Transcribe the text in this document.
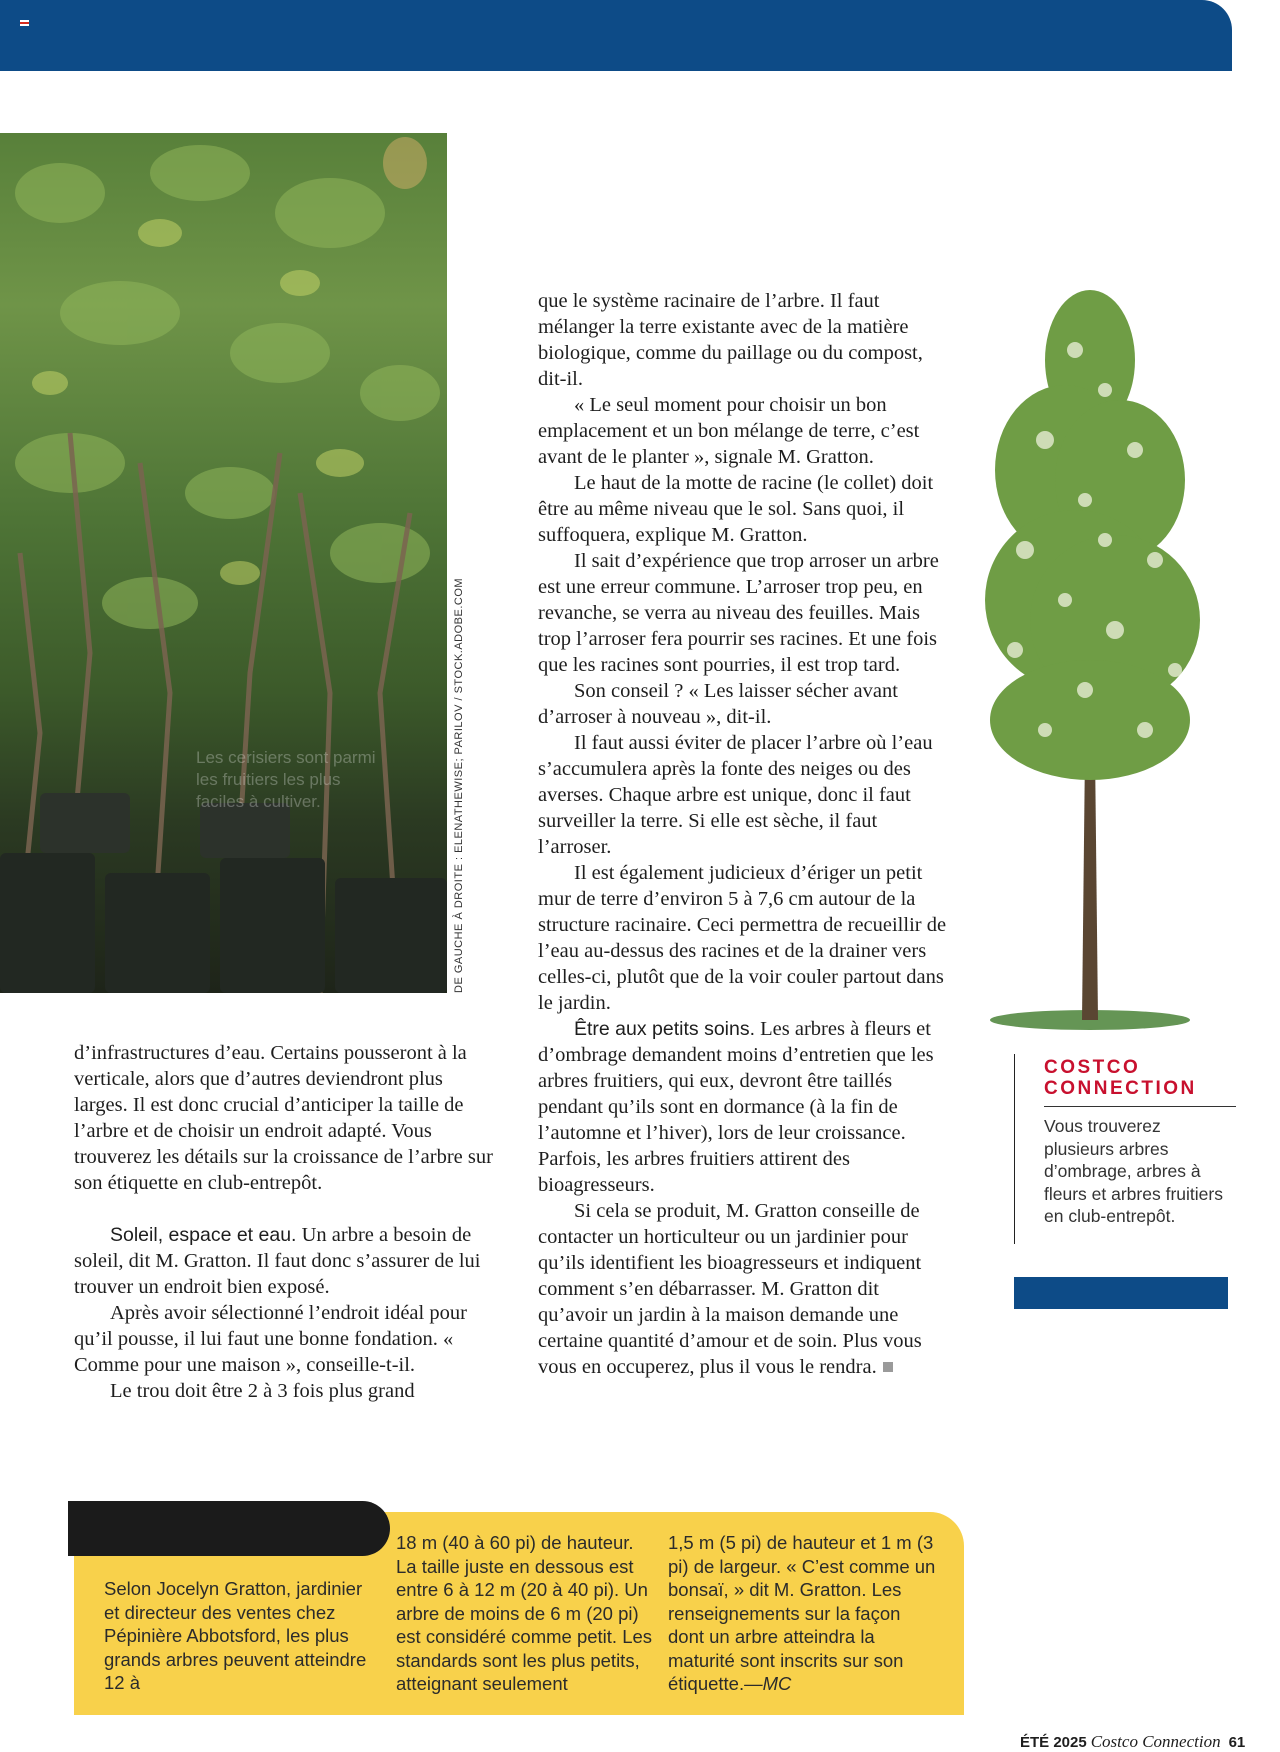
Les cerisiers sont parmi les fruitiers les plus faciles à cultiver.	DE GAUCHE À DROITE : ELENATHEWISE; PARILOV / STOCK.ADOBE.COM

d’infrastructures d’eau. Certains pousseront à la verticale, alors que d’autres deviendront plus larges. Il est donc crucial d’anticiper la taille de l’arbre et de choisir un endroit adapté. Vous trouverez les détails sur la croissance de l’arbre sur son étiquette en club-entrepôt.

Soleil, espace et eau. Un arbre a besoin de soleil, dit M. Gratton. Il faut donc s’assurer de lui trouver un endroit bien exposé.

Après avoir sélectionné l’endroit idéal pour qu’il pousse, il lui faut une bonne fondation. « Comme pour une maison », conseille-t-il.

Le trou doit être 2 à 3 fois plus grand

que le système racinaire de l’arbre. Il faut mélanger la terre existante avec de la matière biologique, comme du paillage ou du compost, dit-il.

« Le seul moment pour choisir un bon emplacement et un bon mélange de terre, c’est avant de le planter », signale M. Gratton.

Le haut de la motte de racine (le collet) doit être au même niveau que le sol. Sans quoi, il suffoquera, explique M. Gratton.

Il sait d’expérience que trop arroser un arbre est une erreur commune. L’arroser trop peu, en revanche, se verra au niveau des feuilles. Mais trop l’arroser fera pourrir ses racines. Et une fois que les racines sont pourries, il est trop tard.

Son conseil ? « Les laisser sécher avant d’arroser à nouveau », dit-il.

Il faut aussi éviter de placer l’arbre où l’eau s’accumulera après la fonte des neiges ou des averses. Chaque arbre est unique, donc il faut surveiller la terre. Si elle est sèche, il faut l’arroser.

Il est également judicieux d’ériger un petit mur de terre d’environ 5 à 7,6 cm autour de la structure racinaire. Ceci permettra de recueillir de l’eau au-dessus des racines et de la drainer vers celles-ci, plutôt que de la voir couler partout dans le jardin.

Être aux petits soins. Les arbres à fleurs et d’ombrage demandent moins d’entretien que les arbres fruitiers, qui eux, devront être taillés pendant qu’ils sont en dormance (à la fin de l’automne et l’hiver), lors de leur croissance. Parfois, les arbres fruitiers attirent des bioagresseurs.

Si cela se produit, M. Gratton conseille de contacter un horticulteur ou un jardinier pour qu’ils identifient les bioagresseurs et indiquent comment s’en débarrasser. M. Gratton dit qu’avoir un jardin à la maison demande une certaine quantité d’amour et de soin. Plus vous vous en occuperez, plus il vous le rendra.

COSTCO
CONNECTION
Vous trouverez plusieurs arbres d’ombrage, arbres à fleurs et arbres fruitiers en club-entrepôt.
Selon Jocelyn Gratton, jardinier et directeur des ventes chez Pépinière Abbotsford, les plus grands arbres peuvent atteindre 12 à
18 m (40 à 60 pi) de hauteur. La taille juste en dessous est entre 6 à 12 m (20 à 40 pi). Un arbre de moins de 6 m (20 pi) est considéré comme petit. Les standards sont les plus petits, atteignant seulement
1,5 m (5 pi) de hauteur et 1 m (3 pi) de largeur. « C’est comme un bonsaï, » dit M. Gratton. Les renseignements sur la façon dont un arbre atteindra la maturité sont inscrits sur son étiquette.—MC
ÉTÉ 2025 Costco Connection 61
